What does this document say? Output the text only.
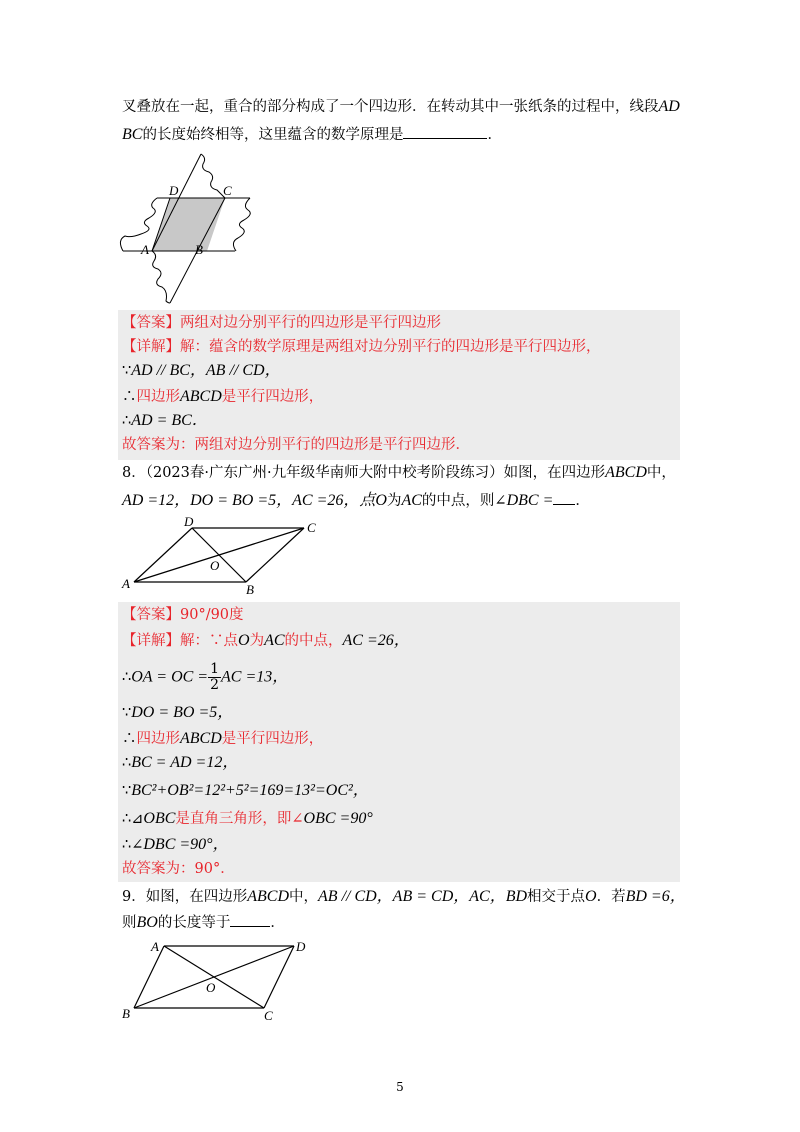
叉叠放在一起，重合的部分构成了一个四边形．在转动其中一张纸条的过程中，线段AD
BC的长度始终相等，这里蕴含的数学原理是	．
D	C
A	B
【答案】两组对边分别平行的四边形是平行四边形
【详解】解：蕴含的数学原理是两组对边分别平行的四边形是平行四边形，
∵AD // BC，AB // CD，
∴四边形ABCD是平行四边形，
∴AD = BC．
故答案为：两组对边分别平行的四边形是平行四边形．
8．（2023春·广东广州·九年级华南师大附中校考阶段练习）如图，在四边形ABCD中，
AD =12，DO = BO =5，AC =26，点O为AC的中点，则∠DBC = ．
A	B
C
D
O
【答案】90°/90度
【详解】解：∵点O为AC的中点，AC =26，
∴OA = OC = $\frac{1}{2}$ AC =13，
∵DO = BO =5，
∴四边形ABCD是平行四边形，
∴BC = AD =12，
∵BC²+OB²=12²+5²=169=13²=OC²，
∴⊿OBC是直角三角形，即∠OBC =90°
∴∠DBC =90°，
故答案为：90°．
9．如图，在四边形ABCD中，AB // CD，AB = CD，AC，BD相交于点O．若BD =6，
则BO的长度等于	．
A	D
B	C
O
5
